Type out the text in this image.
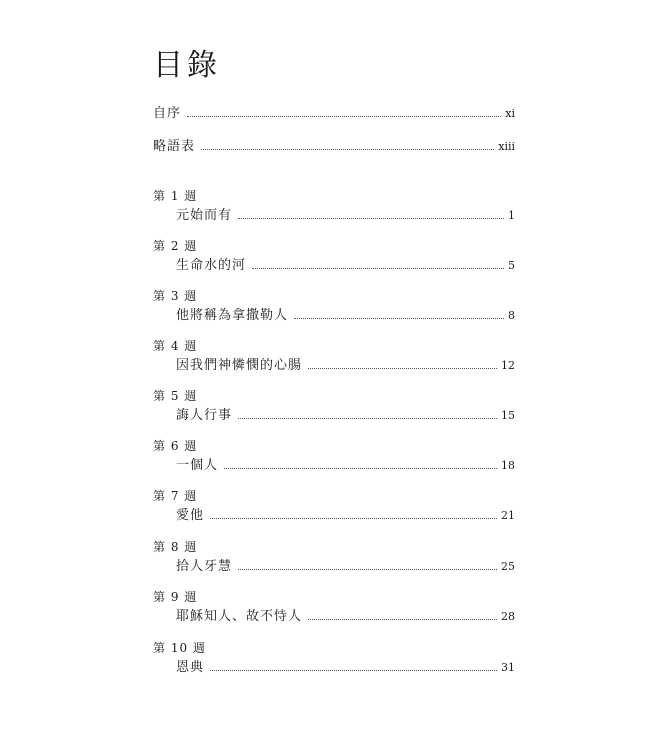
目錄
自序	xi
略語表	xiii
第 1 週
元始而有	1
第 2 週
生命水的河	5
第 3 週
他將稱為拿撒勒人	8
第 4 週
因我們神憐憫的心腸	12
第 5 週
誨人行事	15
第 6 週
一個人	18
第 7 週
愛他	21
第 8 週
拾人牙慧	25
第 9 週
耶穌知人、故不恃人	28
第 10 週
恩典	31
